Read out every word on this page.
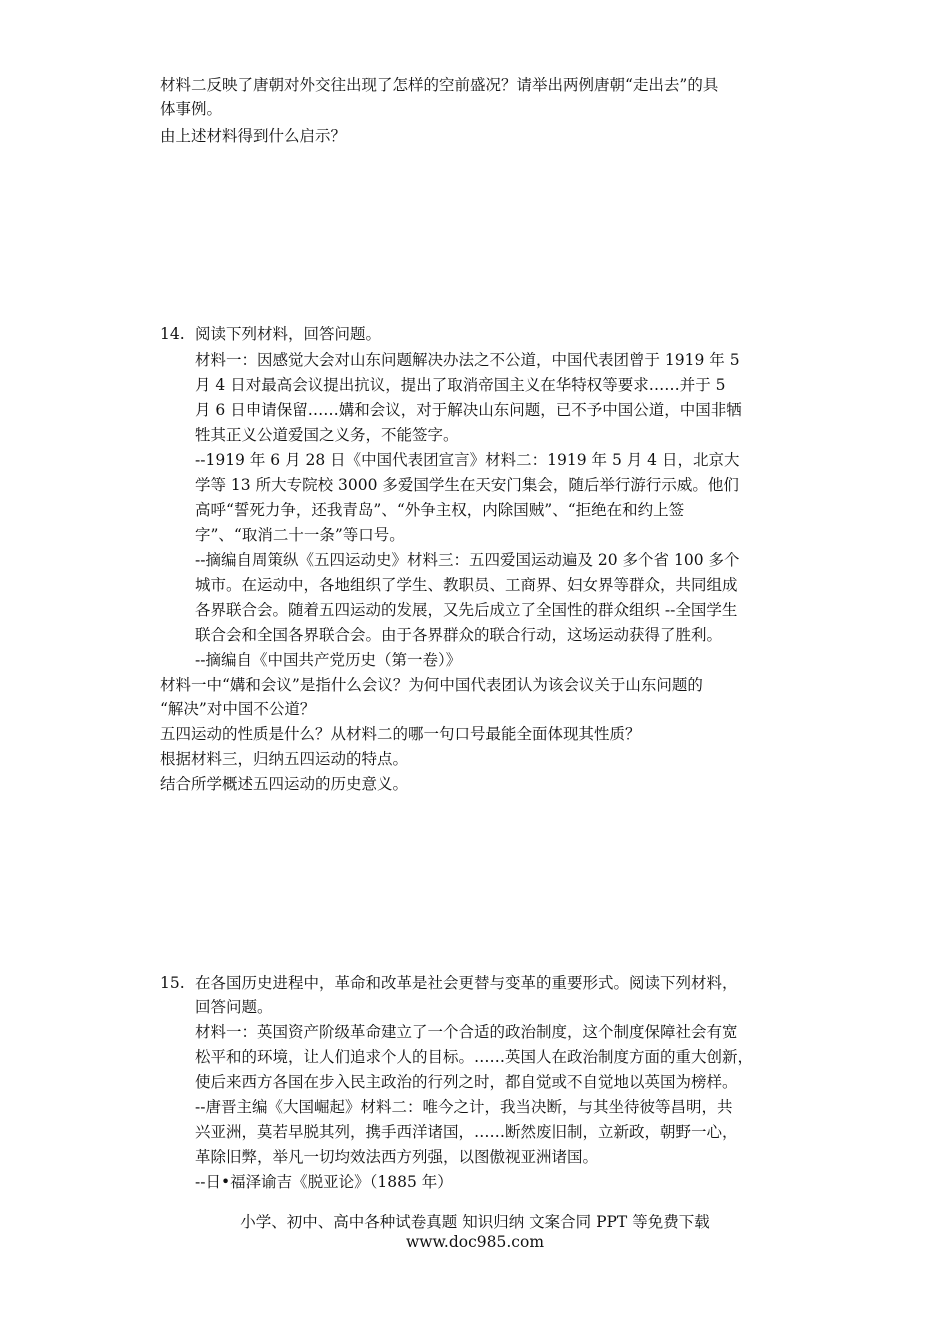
材料二反映了唐朝对外交往出现了怎样的空前盛况？请举出两例唐朝“走出去”的具
体事例。
由上述材料得到什么启示？
14. 阅读下列材料，回答问题。
材料一：因感觉大会对山东问题解决办法之不公道，中国代表团曾于 1919 年 5
月 4 日对最高会议提出抗议，提出了取消帝国主义在华特权等要求……并于 5
月 6 日申请保留……媾和会议，对于解决山东问题，已不予中国公道，中国非牺
牲其正义公道爱国之义务，不能签字。
--1919 年 6 月 28 日《中国代表团宣言》材料二：1919 年 5 月 4 日，北京大
学等 13 所大专院校 3000 多爱国学生在天安门集会，随后举行游行示威。他们
高呼“誓死力争，还我青岛”、“外争主权，内除国贼”、“拒绝在和约上签
字”、“取消二十一条”等口号。
--摘编自周策纵《五四运动史》材料三：五四爱国运动遍及 20 多个省 100 多个
城市。在运动中，各地组织了学生、教职员、工商界、妇女界等群众，共同组成
各界联合会。随着五四运动的发展，又先后成立了全国性的群众组织 --全国学生
联合会和全国各界联合会。由于各界群众的联合行动，这场运动获得了胜利。
--摘编自《中国共产党历史（第一卷）》
材料一中“媾和会议”是指什么会议？为何中国代表团认为该会议关于山东问题的
“解决”对中国不公道？
五四运动的性质是什么？从材料二的哪一句口号最能全面体现其性质？
根据材料三，归纳五四运动的特点。
结合所学概述五四运动的历史意义。
15. 在各国历史进程中，革命和改革是社会更替与变革的重要形式。阅读下列材料，
回答问题。
材料一：英国资产阶级革命建立了一个合适的政治制度，这个制度保障社会有宽
松平和的环境，让人们追求个人的目标。……英国人在政治制度方面的重大创新，
使后来西方各国在步入民主政治的行列之时，都自觉或不自觉地以英国为榜样。
--唐晋主编《大国崛起》材料二：唯今之计，我当决断，与其坐待彼等昌明，共
兴亚洲，莫若早脱其列，携手西洋诸国，……断然废旧制，立新政，朝野一心，
革除旧弊，举凡一切均效法西方列强，以图傲视亚洲诸国。
--日•福泽谕吉《脱亚论》（1885 年）
小学、初中、高中各种试卷真题 知识归纳 文案合同 PPT 等免费下载
www.doc985.com
